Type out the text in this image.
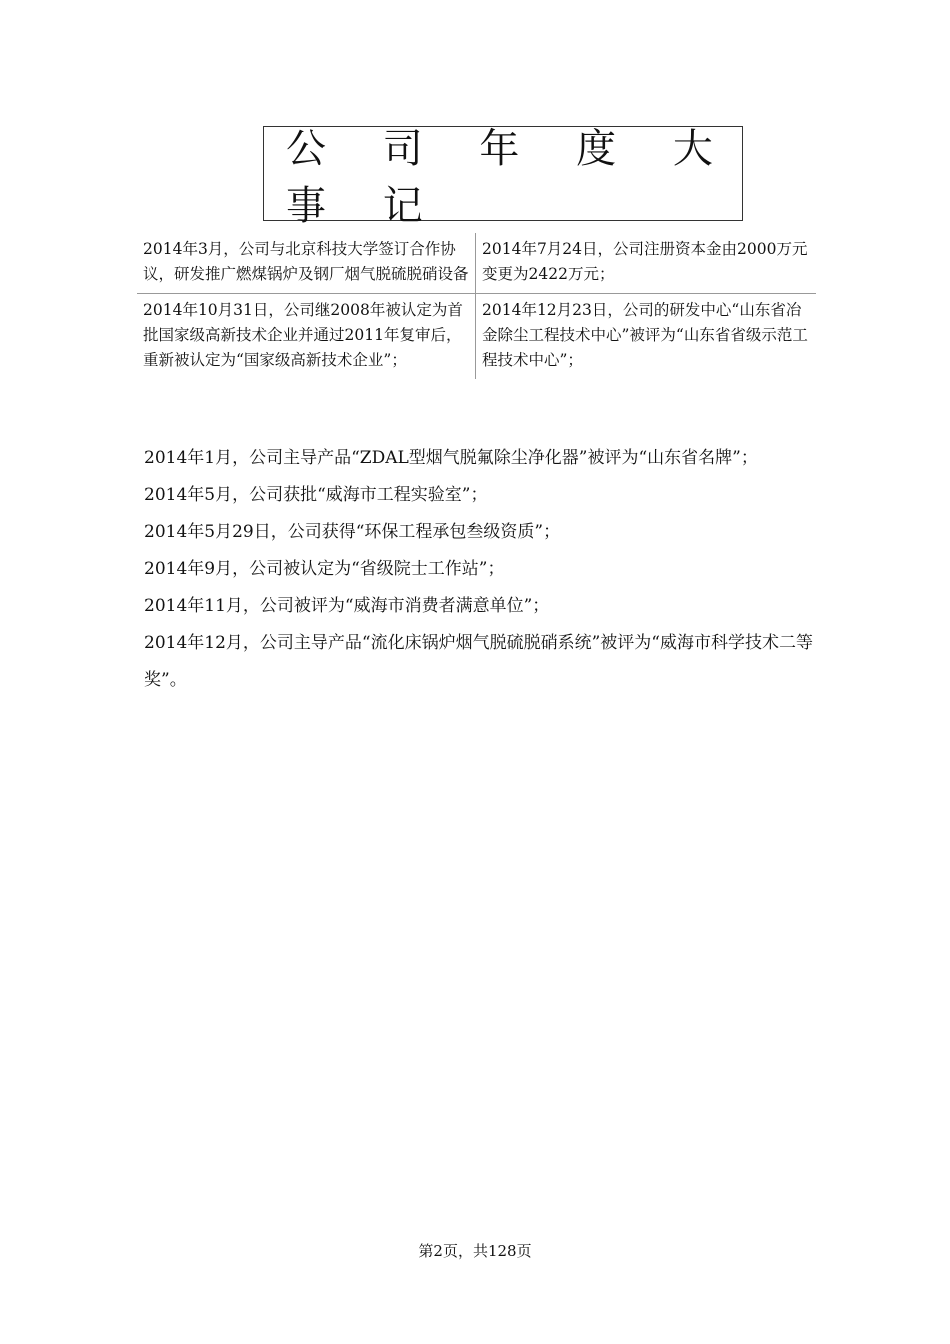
公 司 年 度 大 事 记
2014年3月，公司与北京科技大学签订合作协议，研发推广燃煤锅炉及钢厂烟气脱硫脱硝设备	2014年7月24日，公司注册资本金由2000万元变更为2422万元；
2014年10月31日，公司继2008年被认定为首批国家级高新技术企业并通过2011年复审后，重新被认定为“国家级高新技术企业”；	2014年12月23日，公司的研发中心“山东省冶金除尘工程技术中心”被评为“山东省省级示范工程技术中心”；

2014年1月，公司主导产品“ZDAL型烟气脱氟除尘净化器”被评为“山东省名牌”；

2014年5月，公司获批“威海市工程实验室”；

2014年5月29日，公司获得“环保工程承包叁级资质”；

2014年9月，公司被认定为“省级院士工作站”；

2014年11月，公司被评为“威海市消费者满意单位”；

2014年12月，公司主导产品“流化床锅炉烟气脱硫脱硝系统”被评为“威海市科学技术二等奖”。

第2页，共128页
